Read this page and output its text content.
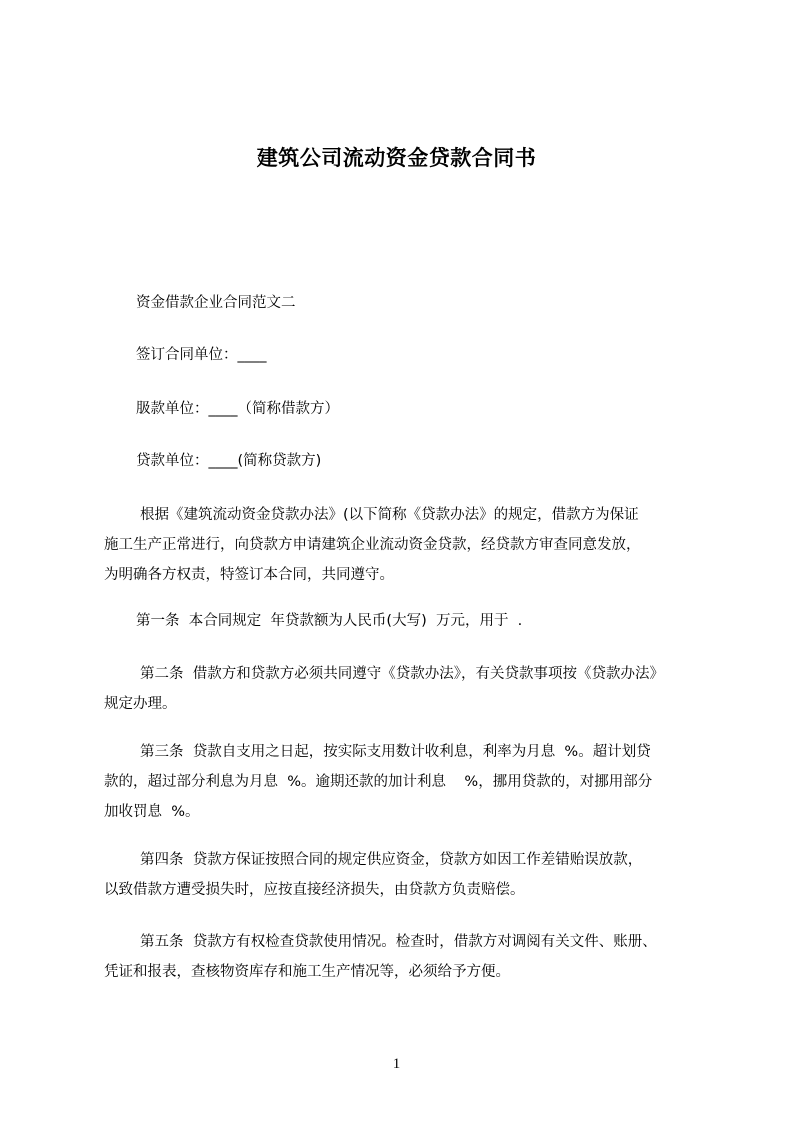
建筑公司流动资金贷款合同书

资金借款企业合同范文二

签订合同单位：____

䏜款单位：____（简称借款方）

贷款单位：____(简称贷款方)

根据《建筑流动资金贷款办法》(以下简称《贷款办法》的规定，借款方为保证
施工生产正常进行，向贷款方申请建筑企业流动资金贷款，经贷款方审查同意发放，
为明确各方权责，特签订本合同，共同遵守。
第一条  本合同规定  年贷款额为人民币(大写)  万元，用于  .
第二条  借款方和贷款方必须共同遵守《贷款办法》，有关贷款事项按《贷款办法》
规定办理。
第三条  贷款自支用之日起，按实际支用数计收利息，利率为月息  %。超计划贷
款的，超过部分利息为月息  %。逾期还款的加计利息    %，挪用贷款的，对挪用部分
加收罚息  %。
第四条  贷款方保证按照合同的规定供应资金，贷款方如因工作差错贻误放款，
以致借款方遭受损失时，应按直接经济损失，由贷款方负责赔偿。
第五条  贷款方有权检查贷款使用情况。检查时，借款方对调阅有关文件、账册、
凭证和报表，查核物资库存和施工生产情况等，必须给予方便。
1
